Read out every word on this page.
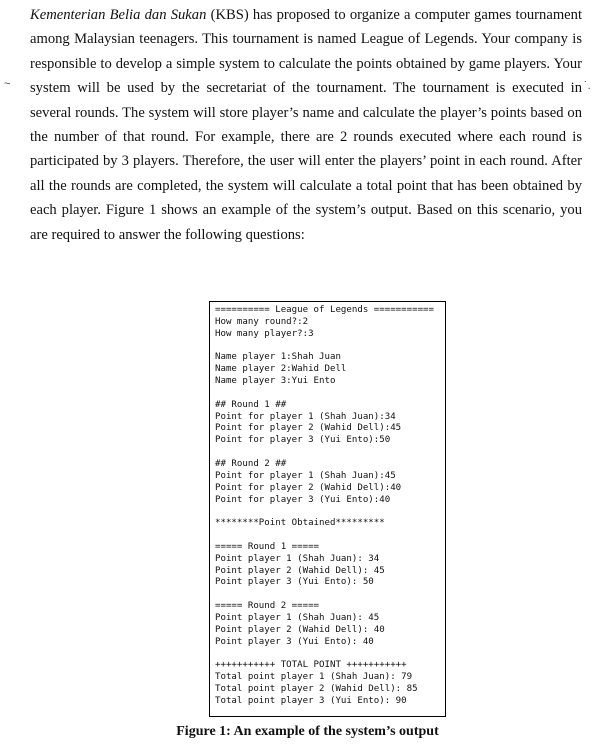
Kementerian Belia dan Sukan (KBS) has proposed to organize a computer games tournament among Malaysian teenagers. This tournament is named League of Legends. Your company is responsible to develop a simple system to calculate the points obtained by game players. Your system will be used by the secretariat of the tournament. The tournament is executed in several rounds. The system will store player’s name and calculate the player’s points based on the number of that round. For example, there are 2 rounds executed where each round is participated by 3 players. Therefore, the user will enter the players’ point in each round. After all the rounds are completed, the system will calculate a total point that has been obtained by each player. Figure 1 shows an example of the system’s output. Based on this scenario, you are required to answer the following questions:
~	˙.
========== League of Legends ===========
How many round?:2
How many player?:3
Name player 1:Shah Juan
Name player 2:Wahid Dell
Name player 3:Yui Ento
## Round 1 ##
Point for player 1 (Shah Juan):34
Point for player 2 (Wahid Dell):45
Point for player 3 (Yui Ento):50
## Round 2 ##
Point for player 1 (Shah Juan):45
Point for player 2 (Wahid Dell):40
Point for player 3 (Yui Ento):40
********Point Obtained*********
===== Round 1 =====
Point player 1 (Shah Juan): 34
Point player 2 (Wahid Dell): 45
Point player 3 (Yui Ento): 50
===== Round 2 =====
Point player 1 (Shah Juan): 45
Point player 2 (Wahid Dell): 40
Point player 3 (Yui Ento): 40
+++++++++++ TOTAL POINT +++++++++++
Total point player 1 (Shah Juan): 79
Total point player 2 (Wahid Dell): 85
Total point player 3 (Yui Ento): 90
Figure 1: An example of the system’s output
